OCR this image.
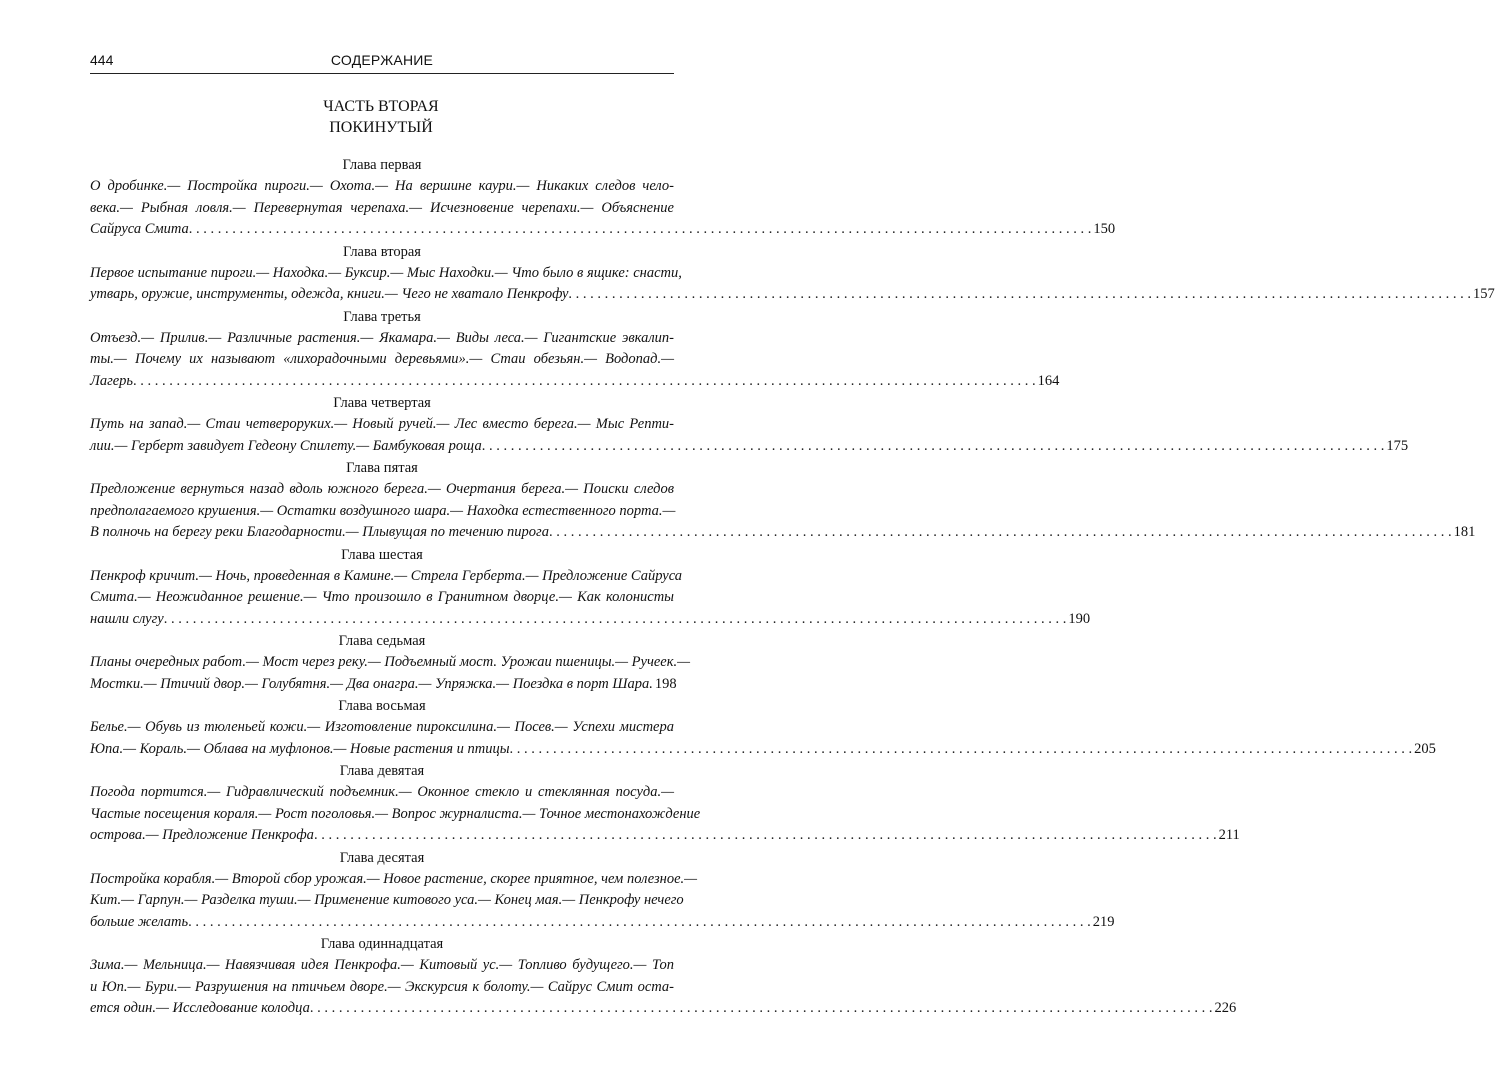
444	СОДЕРЖАНИЕ
ЧАСТЬ ВТОРАЯ
ПОКИНУТЫЙ
Глава первая
О дробинке.— Постройка пироги.— Охота.— На вершине каури.— Никаких следов чело-
века.— Рыбная ловля.— Перевернутая черепаха.— Исчезновение черепахи.— Объяснение
Сайруса Смита . . .	150
Глава вторая
Первое испытание пироги.— Находка.— Буксир.— Мыс Находки.— Что было в ящике: снасти,
утварь, оружие, инструменты, одежда, книги.— Чего не хватало Пенкрофу . . .	157
Глава третья
Отъезд.— Прилив.— Различные растения.— Якамара.— Виды леса.— Гигантские эвкалип-
ты.— Почему их называют «лихорадочными деревьями».— Стаи обезьян.— Водопад.—
Лагерь . . .	164
Глава четвертая
Путь на запад.— Стаи четвероруких.— Новый ручей.— Лес вместо берега.— Мыс Репти-
лии.— Герберт завидует Гедеону Спилету.— Бамбуковая роща . . .	175
Глава пятая
Предложение вернуться назад вдоль южного берега.— Очертания берега.— Поиски следов
предполагаемого крушения.— Остатки воздушного шара.— Находка естественного порта.—
В полночь на берегу реки Благодарности.— Плывущая по течению пирога . . .	181
Глава шестая
Пенкроф кричит.— Ночь, проведенная в Камине.— Стрела Герберта.— Предложение Сайруса
Смита.— Неожиданное решение.— Что произошло в Гранитном дворце.— Как колонисты
нашли слугу . . .	190
Глава седьмая
Планы очередных работ.— Мост через реку.— Подъемный мост. Урожаи пшеницы.— Ручеек.—
Мостки.— Птичий двор.— Голубятня.— Два онагра.— Упряжка.— Поездка в порт Шара. 198
Глава восьмая
Белье.— Обувь из тюленьей кожи.— Изготовление пироксилина.— Посев.— Успехи мистера
Юпа.— Кораль.— Облава на муфлонов.— Новые растения и птицы . . .	205
Глава девятая
Погода портится.— Гидравлический подъемник.— Оконное стекло и стеклянная посуда.—
Частые посещения кораля.— Рост поголовья.— Вопрос журналиста.— Точное местонахождение
острова.— Предложение Пенкрофа . . .	211
Глава десятая
Постройка корабля.— Второй сбор урожая.— Новое растение, скорее приятное, чем полезное.—
Кит.— Гарпун.— Разделка туши.— Применение китового уса.— Конец мая.— Пенкрофу нечего
больше желать . . .	219
Глава одиннадцатая
Зима.— Мельница.— Навязчивая идея Пенкрофа.— Китовый ус.— Топливо будущего.— Топ
и Юп.— Бури.— Разрушения на птичьем дворе.— Экскурсия к болоту.— Сайрус Смит оста-
ется один.— Исследование колодца . . .	226
